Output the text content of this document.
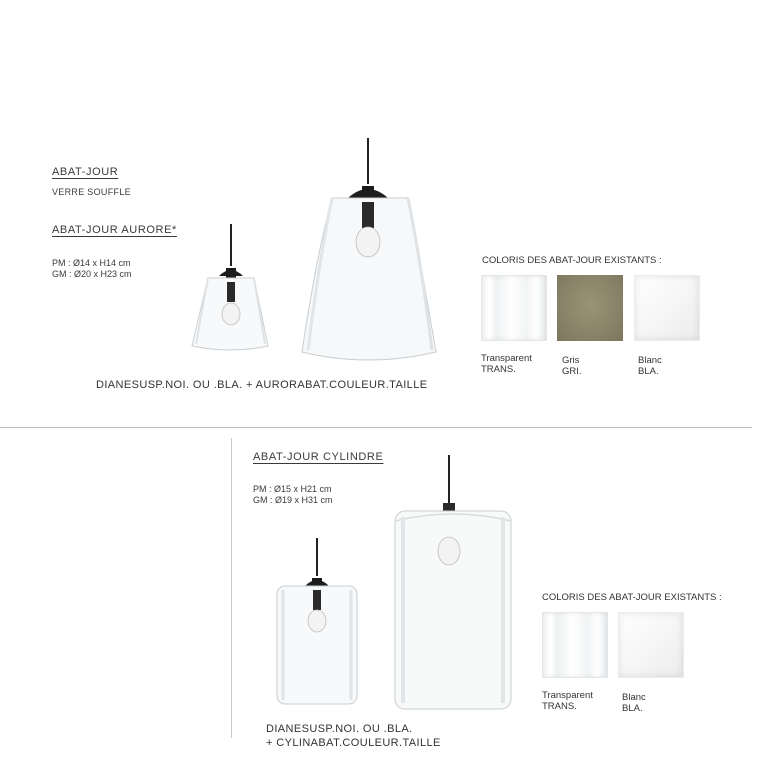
ABAT-JOUR
VERRE SOUFFLE
ABAT-JOUR AURORE*
PM : Ø14 x H14 cm
GM : Ø20 x H23 cm
DIANESUSP.NOI. OU .BLA. + AURORABAT.COULEUR.TAILLE
COLORIS DES ABAT-JOUR EXISTANTS :
Transparent
TRANS.
Gris
GRI.
Blanc
BLA.
ABAT-JOUR CYLINDRE
PM : Ø15 x H21 cm
GM : Ø19 x H31 cm
DIANESUSP.NOI. OU .BLA.
+ CYLINABAT.COULEUR.TAILLE
COLORIS DES ABAT-JOUR EXISTANTS :
Transparent
TRANS.
Blanc
BLA.
